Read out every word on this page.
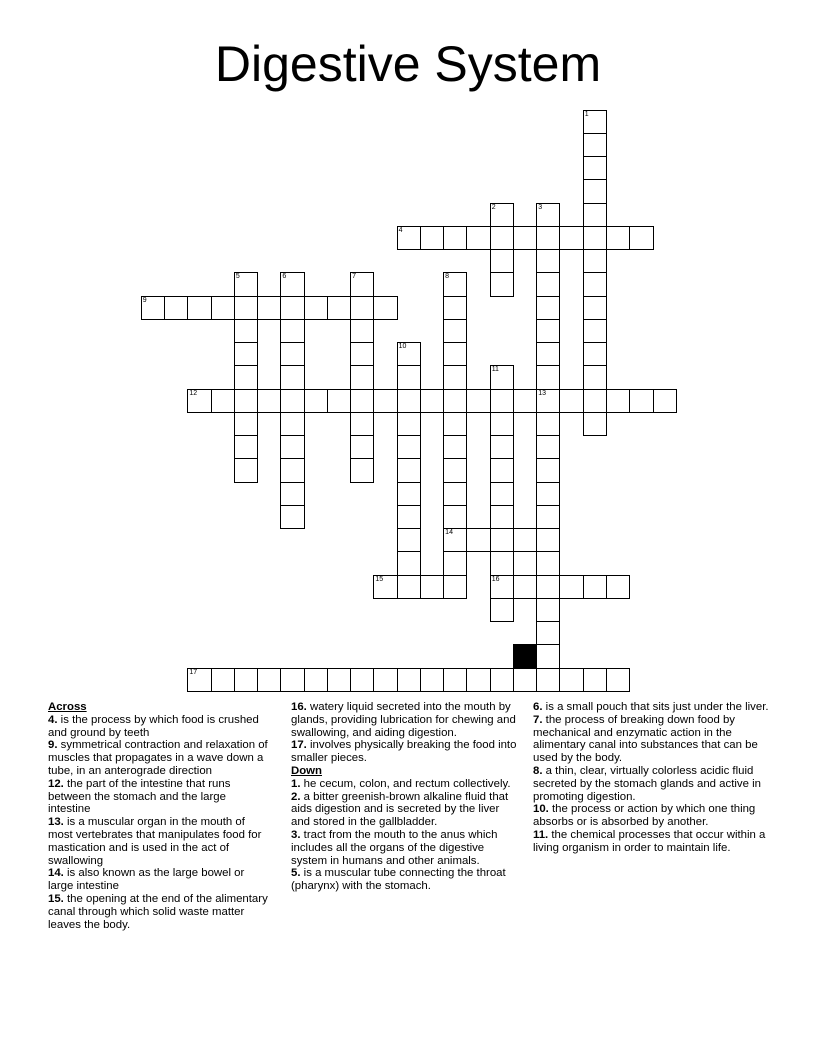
Digestive System
4
9
12	13
14
15	16
17
1
2	3
5	6	7	8
10
11
Across
4. is the process by which food is crushed and ground by teeth
9. symmetrical contraction and relaxation of muscles that propagates in a wave down a tube, in an anterograde direction
12. the part of the intestine that runs between the stomach and the large intestine
13. is a muscular organ in the mouth of most vertebrates that manipulates food for mastication and is used in the act of swallowing
14. is also known as the large bowel or large intestine
15. the opening at the end of the alimentary canal through which solid waste matter leaves the body.
16. watery liquid secreted into the mouth by glands, providing lubrication for chewing and swallowing, and aiding digestion.
17. involves physically breaking the food into smaller pieces.
Down
1. he cecum, colon, and rectum collectively.
2. a bitter greenish-brown alkaline fluid that aids digestion and is secreted by the liver and stored in the gallbladder.
3. tract from the mouth to the anus which includes all the organs of the digestive system in humans and other animals.
5. is a muscular tube connecting the throat (pharynx) with the stomach.
6. is a small pouch that sits just under the liver.
7. the process of breaking down food by mechanical and enzymatic action in the alimentary canal into substances that can be used by the body.
8. a thin, clear, virtually colorless acidic fluid secreted by the stomach glands and active in promoting digestion.
10. the process or action by which one thing absorbs or is absorbed by another.
11. the chemical processes that occur within a living organism in order to maintain life.
